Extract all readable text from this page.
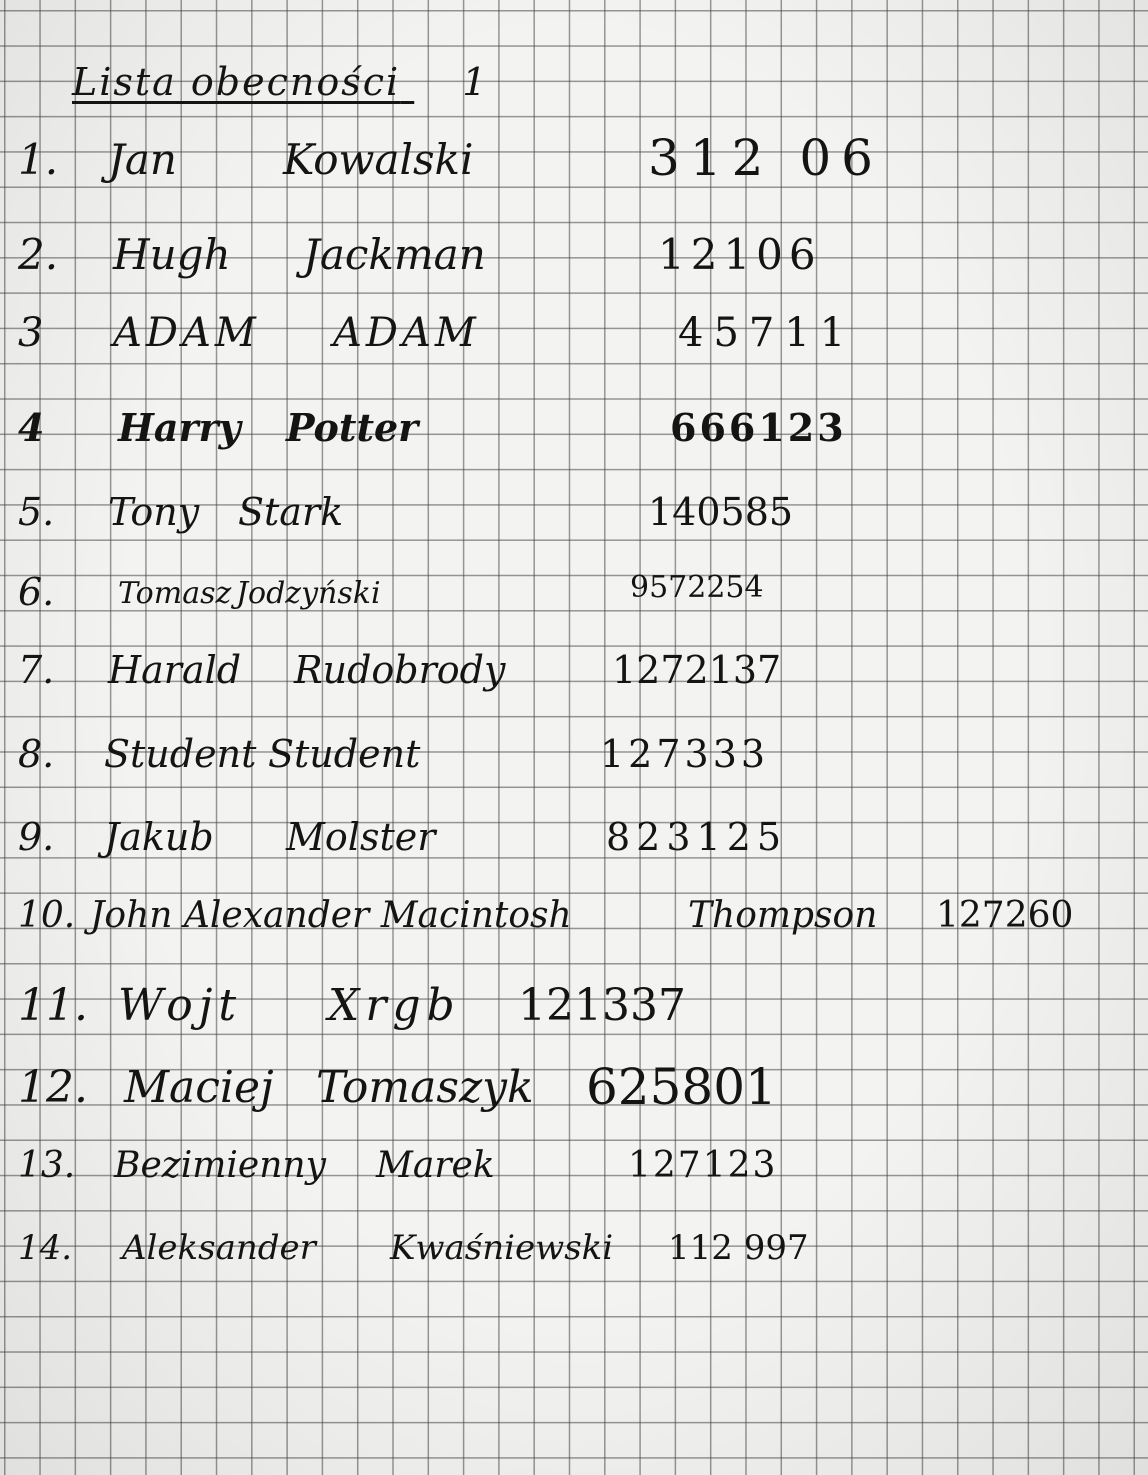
Lista obecności 1
1. Jan	Kowalski	312 06
2. Hugh Jackman	12106
3 ADAM ADAM	45711
4 Harry Potter	666123
5. Tony Stark	140585
6. Tomasz Jodzyński	9572254
7. Harald Rudobrody	1272137
8. Student Student	127333
9. Jakub Molster	823125
10. John Alexander Macintosh	Thompson 127260
11. Wojt Xrgb 121337
12. Maciej Tomaszyk 625801
13. Bezimienny Marek	127123
14. Aleksander Kwaśniewski 112 997
